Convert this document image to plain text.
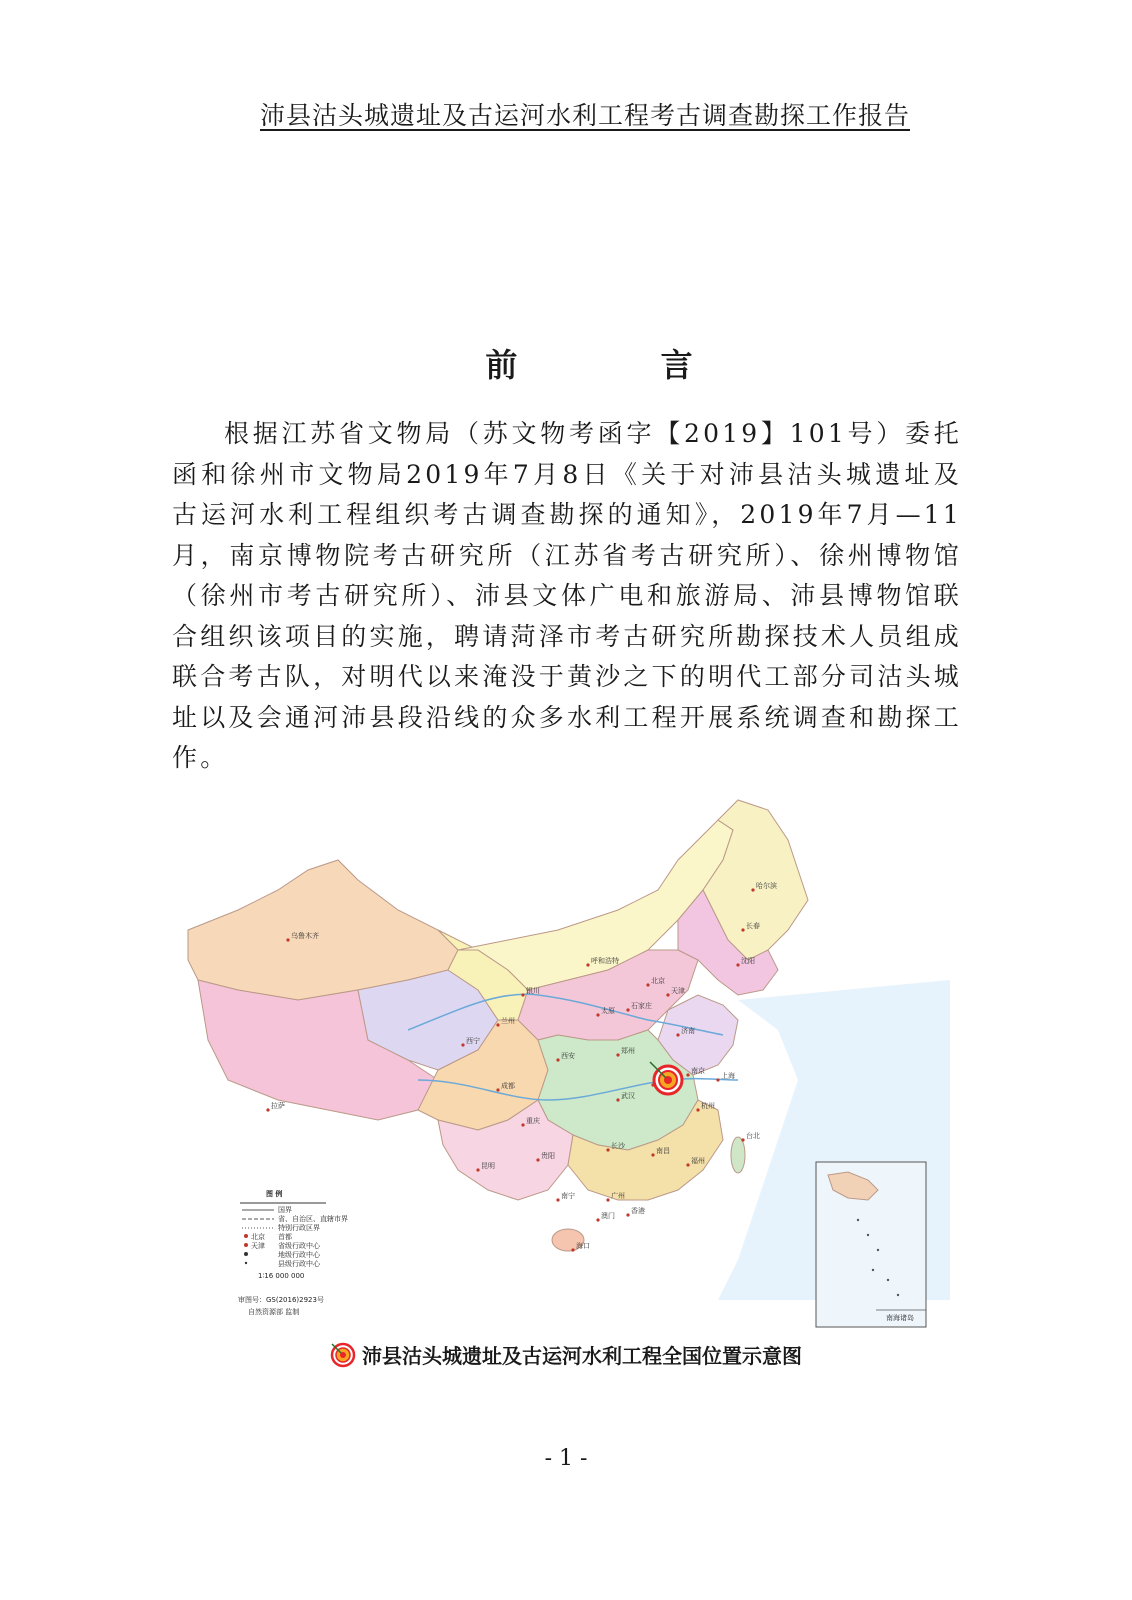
沛县沽头城遗址及古运河水利工程考古调查勘探工作报告
前 言

根据江苏省文物局（苏文物考函字【2019】101号）委托函和徐州市文物局2019年7月8日《关于对沛县沽头城遗址及古运河水利工程组织考古调查勘探的通知》，2019年7月—11月，南京博物院考古研究所（江苏省考古研究所）、徐州博物馆（徐州市考古研究所）、沛县文体广电和旅游局、沛县博物馆联合组织该项目的实施，聘请菏泽市考古研究所勘探技术人员组成联合考古队，对明代以来淹没于黄沙之下的明代工部分司沽头城址以及会通河沛县段沿线的众多水利工程开展系统调查和勘探工作。

乌鲁木齐
拉萨
西宁
兰州
银川
呼和浩特
北京
天津
哈尔滨
长春
沈阳
石家庄
太原
济南
郑州
西安
成都
重庆
武汉
南京
上海
杭州
长沙
南昌
福州
贵阳
昆明
南宁	广州
香港
澳门
海口
台北
图 例
国界
省、自治区、直辖市界
特别行政区界
首都
省级行政中心
地级行政中心
县级行政中心
北京
天津
1∶16 000 000
审图号：GS(2016)2923号
自然资源部 监制
南海诸岛
沛县沽头城遗址及古运河水利工程全国位置示意图
- 1 -
